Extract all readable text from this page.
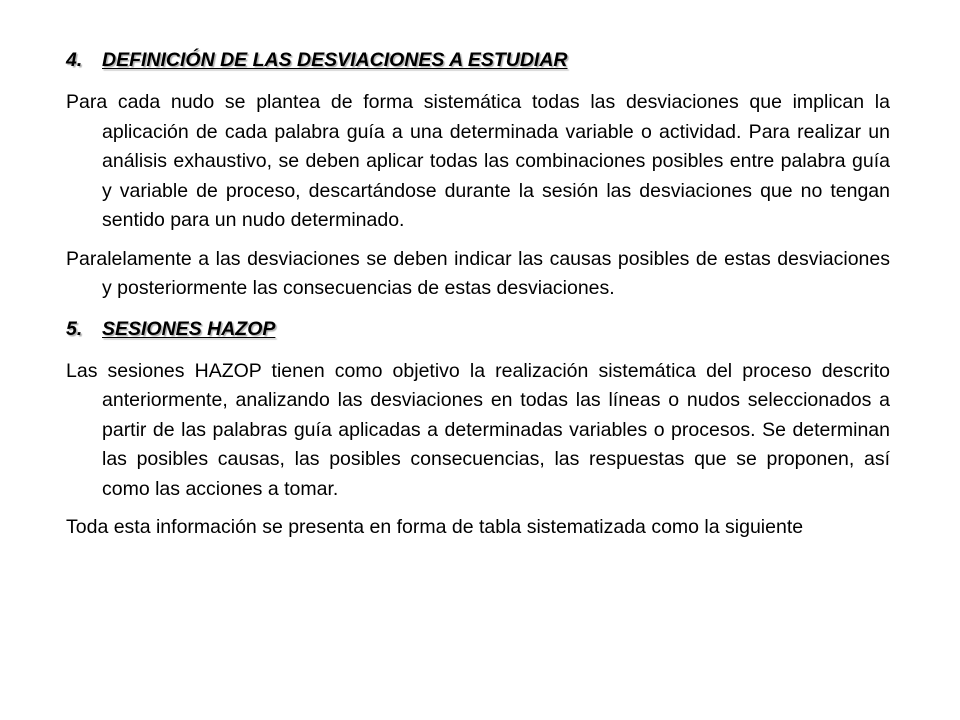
4.	DEFINICIÓN DE LAS DESVIACIONES A ESTUDIAR

Para cada nudo se plantea de forma sistemática todas las desviaciones que implican la aplicación de cada palabra guía a una determinada variable o actividad. Para realizar un análisis exhaustivo, se deben aplicar todas las combinaciones posibles entre palabra guía y variable de proceso, descartándose durante la sesión las desviaciones que no tengan sentido para un nudo determinado.

Paralelamente a las desviaciones se deben indicar las causas posibles de estas desviaciones y posteriormente las consecuencias de estas desviaciones.

5.	SESIONES HAZOP

Las sesiones HAZOP tienen como objetivo la realización sistemática del proceso descrito anteriormente, analizando las desviaciones en todas las líneas o nudos seleccionados a partir de las palabras guía aplicadas a determinadas variables o procesos. Se determinan las posibles causas, las posibles consecuencias, las respuestas que se proponen, así como las acciones a tomar.

Toda esta información se presenta en forma de tabla sistematizada como la siguiente
